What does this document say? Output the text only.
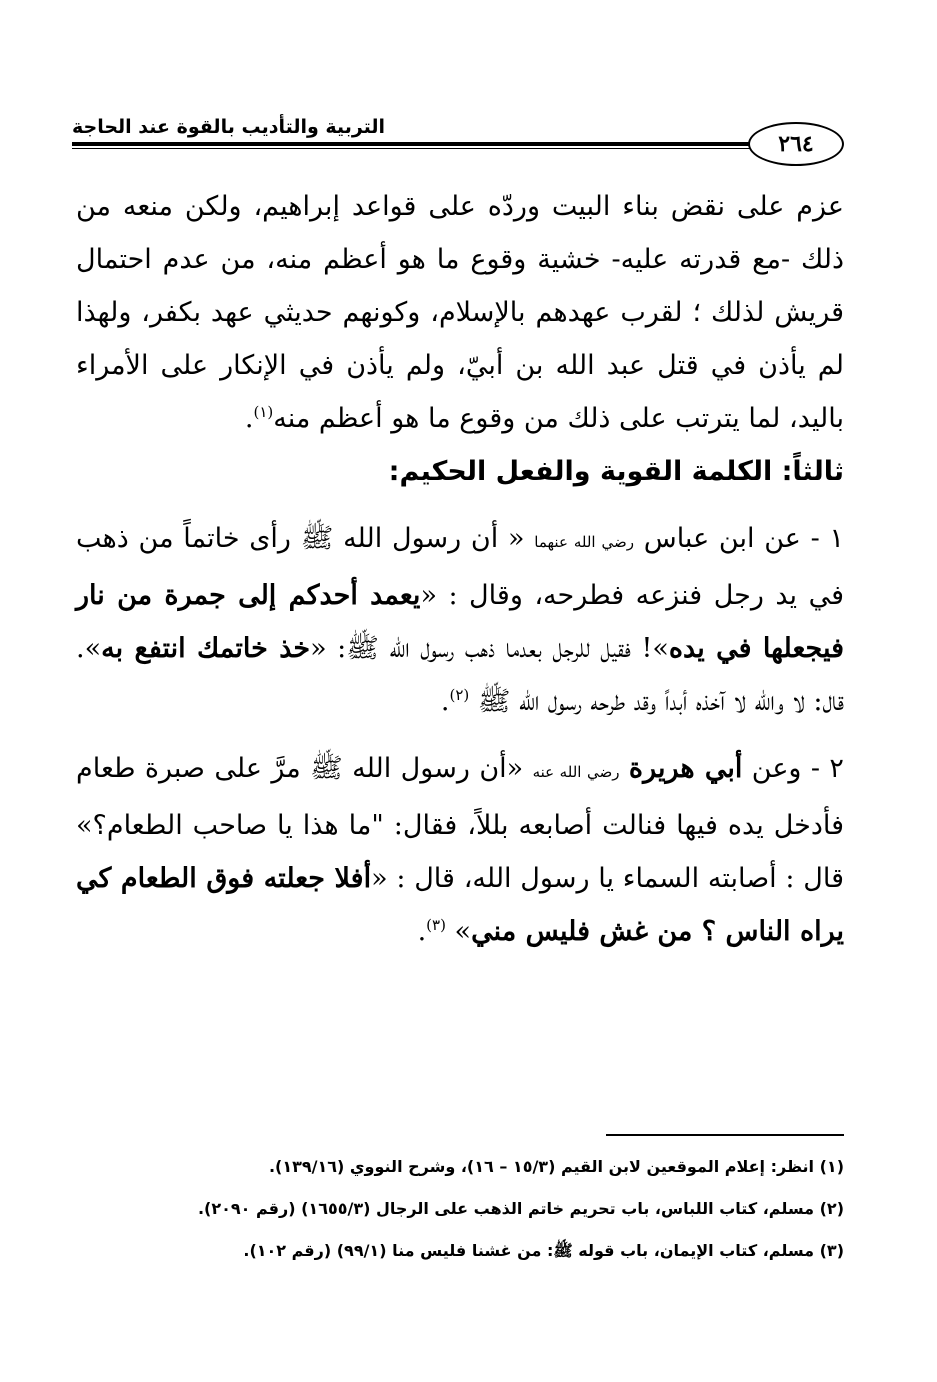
التربية والتأديب بالقوة عند الحاجة
٢٦٤

عزم على نقض بناء البيت وردّه على قواعد إبراهيم، ولكن منعه من ذلك -مع قدرته عليه- خشية وقوع ما هو أعظم منه، من عدم احتمال قريش لذلك ؛ لقرب عهدهم بالإسلام، وكونهم حديثي عهد بكفر، ولهذا لم يأذن في قتل عبد الله بن أبيّ، ولم يأذن في الإنكار على الأمراء باليد، لما يترتب على ذلك من وقوع ما هو أعظم منه$^{(١)}$.

ثالثاً: الكلمة القوية والفعل الحكيم:

١ - عن ابن عباس رضي الله عنهما « أن رسول الله ﷺ رأى خاتماً من ذهب في يد رجل فنزعه فطرحه، وقال : «يعمد أحدكم إلى جمرة من نار فيجعلها في يده»! فقيل للرجل بعدما ذهب رسول الله ﷺ: «خذ خاتمك انتفع به». قال: لا والله لا آخذه أبداً وقد طرحه رسول الله ﷺ $^{(٢)}$.

٢ - وعن أبي هريرة رضي الله عنه «أن رسول الله ﷺ مرَّ على صبرة طعام فأدخل يده فيها فنالت أصابعه بللاً، فقال: "ما هذا يا صاحب الطعام؟» قال : أصابته السماء يا رسول الله، قال : «أفلا جعلته فوق الطعام كي يراه الناس ؟ من غش فليس مني» $^{(٣)}$.

(١) انظر: إعلام الموقعين لابن القيم (١٥/٣ – ١٦)، وشرح النووي (١٣٩/١٦).

(٢) مسلم، كتاب اللباس، باب تحريم خاتم الذهب على الرجال (١٦٥٥/٣) (رقم ٢٠٩٠).

(٣) مسلم، كتاب الإيمان، باب قوله ﷺ: من غشنا فليس منا (٩٩/١) (رقم ١٠٢).
